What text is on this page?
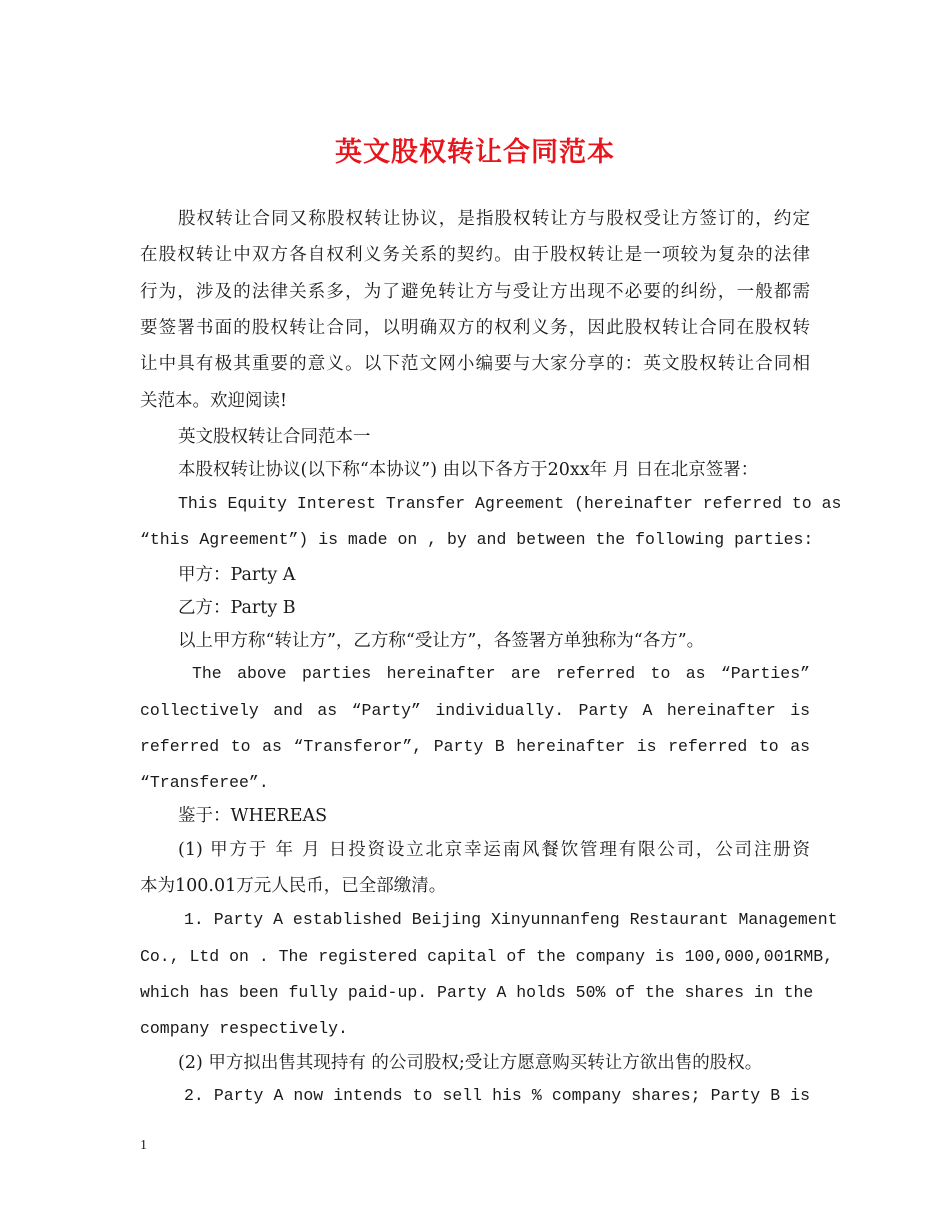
英文股权转让合同范本
股权转让合同又称股权转让协议，是指股权转让方与股权受让方签订的，约定
在股权转让中双方各自权利义务关系的契约。由于股权转让是一项较为复杂的法律
行为，涉及的法律关系多，为了避免转让方与受让方出现不必要的纠纷，一般都需
要签署书面的股权转让合同，以明确双方的权利义务，因此股权转让合同在股权转
让中具有极其重要的意义。以下范文网小编要与大家分享的：英文股权转让合同相
关范本。欢迎阅读!
英文股权转让合同范本一
本股权转让协议(以下称“本协议”) 由以下各方于20xx年 月 日在北京签署：
This Equity Interest Transfer Agreement (hereinafter referred to as
“this Agreement”) is made on , by and between the following parties:
甲方：Party A
乙方：Party B
以上甲方称“转让方”，乙方称“受让方”，各签署方单独称为“各方”。
The above parties hereinafter are referred to as “Parties”
collectively and as “Party” individually. Party A hereinafter is
referred to as “Transferor”, Party B hereinafter is referred to as
“Transferee”.
鉴于：WHEREAS
(1) 甲方于 年 月 日投资设立北京幸运南风餐饮管理有限公司，公司注册资
本为100.01万元人民币，已全部缴清。
1. Party A established Beijing Xinyunnanfeng Restaurant Management
Co., Ltd on . The registered capital of the company is 100,000,001RMB,
which has been fully paid-up. Party A holds 50% of the shares in the
company respectively.
(2) 甲方拟出售其现持有 的公司股权;受让方愿意购买转让方欲出售的股权。
2. Party A now intends to sell his % company shares; Party B is
1
